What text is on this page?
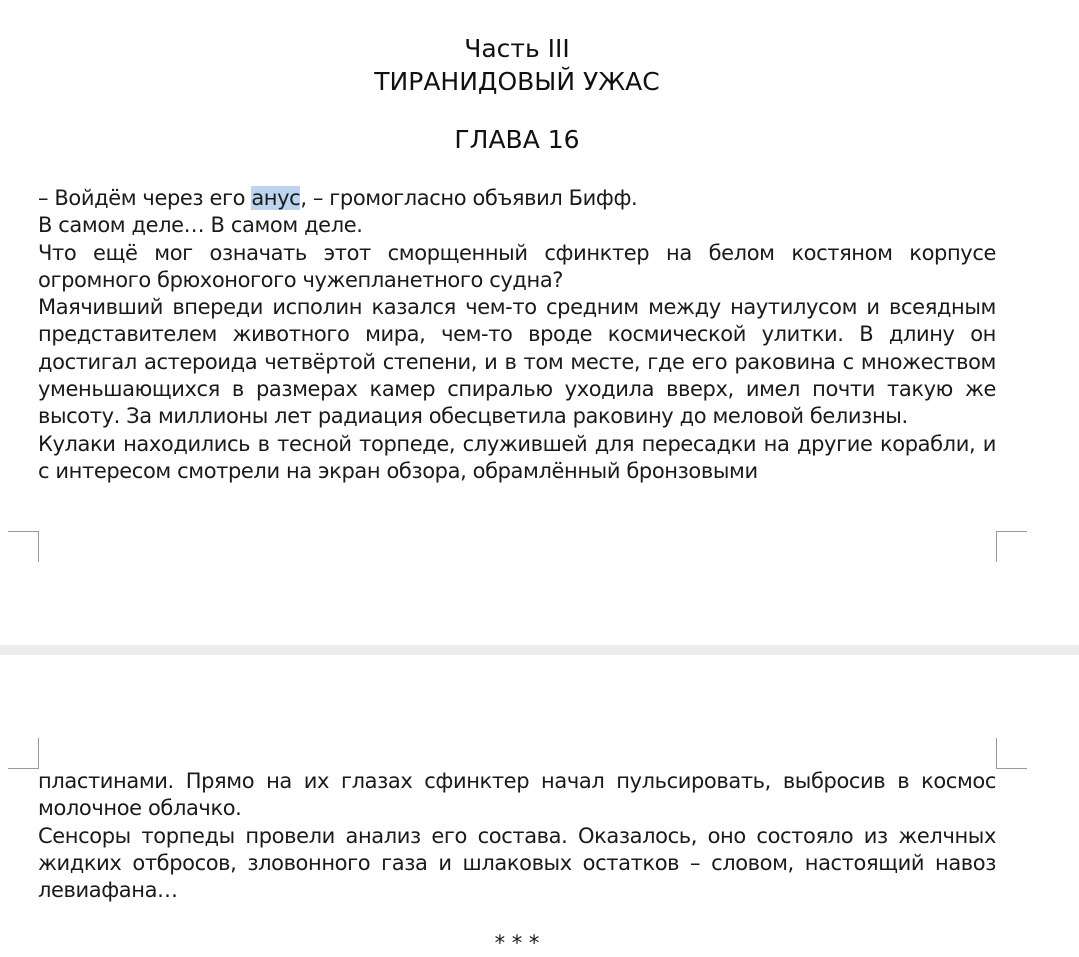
Часть III
ТИРАНИДОВЫЙ УЖАС
ГЛАВА 16

– Войдём через его анус, – громогласно объявил Бифф.

В самом деле… В самом деле.

Что ещё мог означать этот сморщенный сфинктер на белом костяном корпусе огромного брюхоногого чужепланетного судна?

Маячивший впереди исполин казался чем-то средним между наутилусом и всеядным представителем животного мира, чем-то вроде космической улитки. В длину он достигал астероида четвёртой степени, и в том месте, где его раковина с множеством уменьшающихся в размерах камер спиралью уходила вверх, имел почти такую же высоту. За миллионы лет радиация обесцветила раковину до меловой белизны.

Кулаки находились в тесной торпеде, служившей для пересадки на другие корабли, и с интересом смотрели на экран обзора, обрамлённый бронзовыми

пластинами. Прямо на их глазах сфинктер начал пульсировать, выбросив в космос молочное облачко.

Сенсоры торпеды провели анализ его состава. Оказалось, оно состояло из желчных жидких отбросов, зловонного газа и шлаковых остатков – словом, настоящий навоз левиафана…

* * *
